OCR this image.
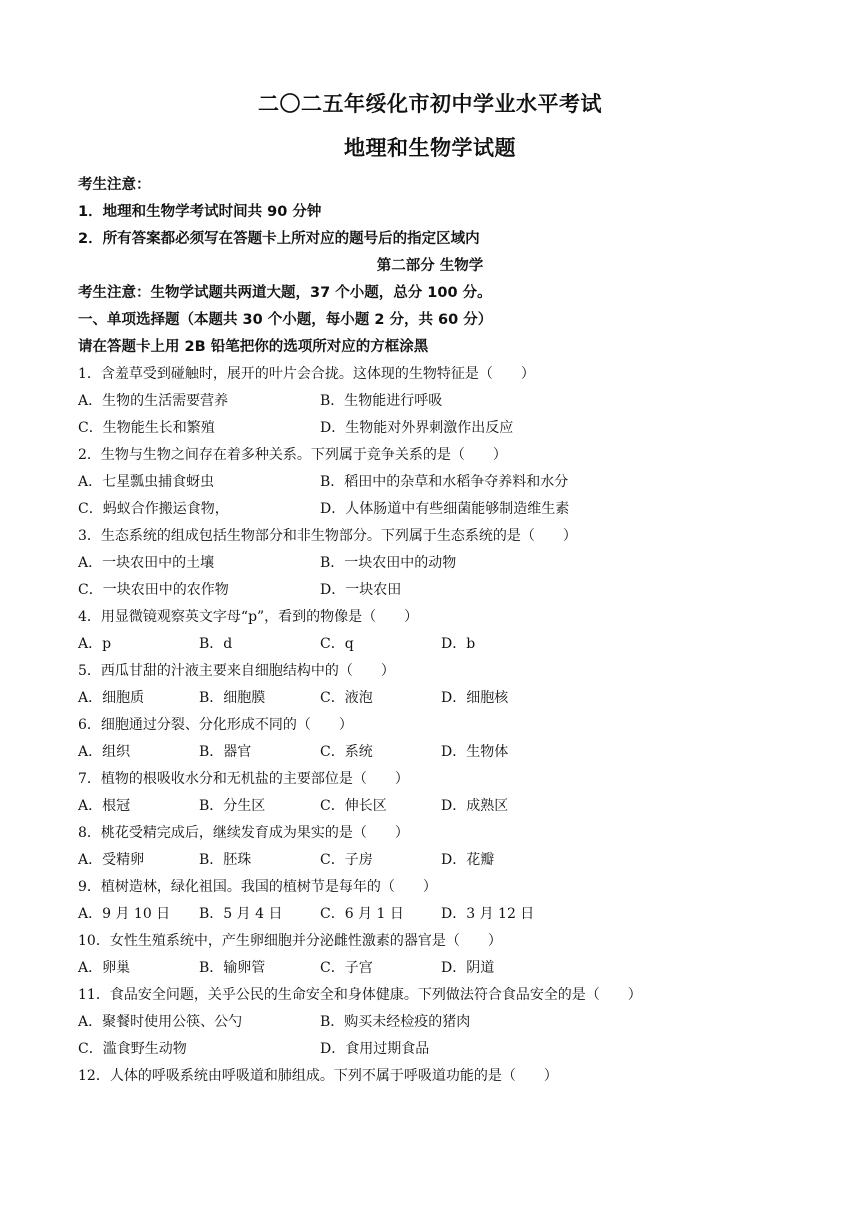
二〇二五年绥化市初中学业水平考试
地理和生物学试题
考生注意：
1．地理和生物学考试时间共 90 分钟
2．所有答案都必须写在答题卡上所对应的题号后的指定区域内
第二部分 生物学
考生注意：生物学试题共两道大题，37 个小题，总分 100 分。
一、单项选择题（本题共 30 个小题，每小题 2 分，共 60 分）
请在答题卡上用 2B 铅笔把你的选项所对应的方框涂黑
1．含羞草受到碰触时，展开的叶片会合拢。这体现的生物特征是（　　）
A．生物的生活需要营养	B．生物能进行呼吸
C．生物能生长和繁殖	D．生物能对外界刺激作出反应
2．生物与生物之间存在着多种关系。下列属于竞争关系的是（　　）
A．七星瓢虫捕食蚜虫	B．稻田中的杂草和水稻争夺养料和水分
C．蚂蚁合作搬运食物，	D．人体肠道中有些细菌能够制造维生素
3．生态系统的组成包括生物部分和非生物部分。下列属于生态系统的是（　　）
A．一块农田中的土壤	B．一块农田中的动物
C．一块农田中的农作物	D．一块农田
4．用显微镜观察英文字母“p”，看到的物像是（　　）
A．p	B．d	C．q	D．b
5．西瓜甘甜的汁液主要来自细胞结构中的（　　）
A．细胞质	B．细胞膜	C．液泡	D．细胞核
6．细胞通过分裂、分化形成不同的（　　）
A．组织	B．器官	C．系统	D．生物体
7．植物的根吸收水分和无机盐的主要部位是（　　）
A．根冠	B．分生区	C．伸长区	D．成熟区
8．桃花受精完成后，继续发育成为果实的是（　　）
A．受精卵	B．胚珠	C．子房	D．花瓣
9．植树造林，绿化祖国。我国的植树节是每年的（　　）
A．9 月 10 日 B．5 月 4 日	C．6 月 1 日	D．3 月 12 日
10．女性生殖系统中，产生卵细胞并分泌雌性激素的器官是（　　）
A．卵巢	B．输卵管	C．子宫	D．阴道
11．食品安全问题，关乎公民的生命安全和身体健康。下列做法符合食品安全的是（　　）
A．聚餐时使用公筷、公勺	B．购买未经检疫的猪肉
C．滥食野生动物	D．食用过期食品
12．人体的呼吸系统由呼吸道和肺组成。下列不属于呼吸道功能的是（　　）
